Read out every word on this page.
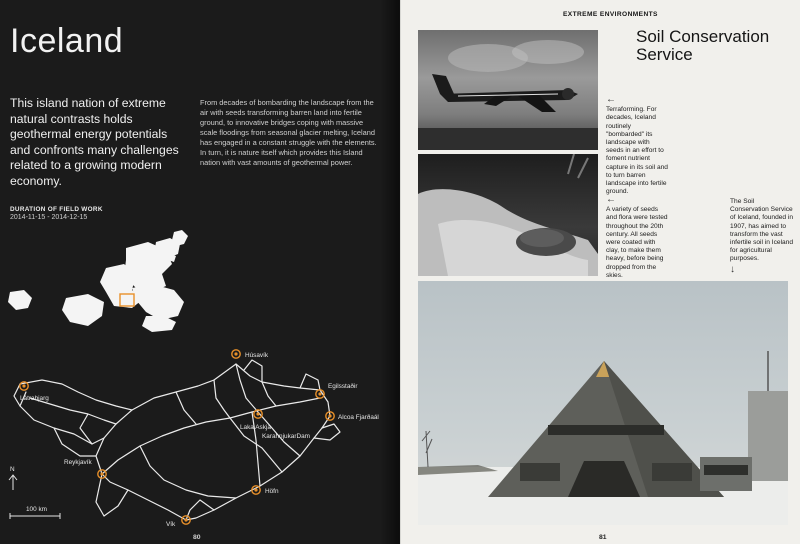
Iceland
This island nation of extreme natural contrasts holds geothermal energy potentials and confronts many challenges related to a growing modern economy.
From decades of bombarding the landscape from the air with seeds transforming barren land into fertile ground, to innovative bridges coping with massive scale floodings from seasonal glacier melting, Iceland has engaged in a constant struggle with the elements. In turn, it is nature itself which provides this Island nation with vast amounts of geothermal power.
DURATION OF FIELD WORK
2014-11-15 - 2014-12-15
Húsavík
Látrabjarg
Egilsstaðir
Alcoa Fjarðaál
Laka Askja
KarahnjukarDam
Reykjavík
Höfn
Vík
N
100 km
80
EXTREME ENVIRONMENTS
Soil Conservation Service
←
Terraforming. For decades, Iceland routinely "bombarded" its landscape with seeds in an effort to foment nutrient capture in its soil and to turn barren landscape into fertile ground.
←
A variety of seeds and flora were tested throughout the 20th century. All seeds were coated with clay, to make them heavy, before being dropped from the skies.
The Soil Conservation Service of Iceland, founded in 1907, has aimed to transform the vast infertile soil in Iceland for agricultural purposes.
↓
81
